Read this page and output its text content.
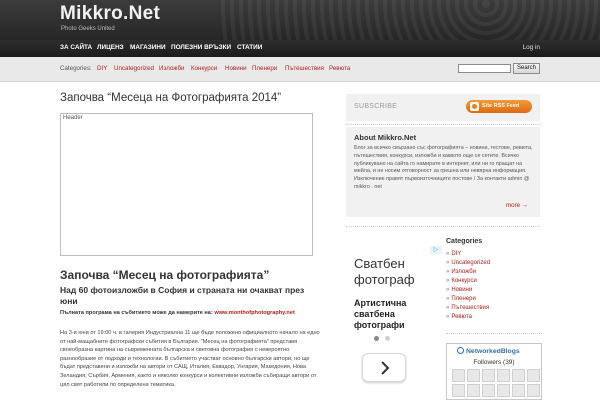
Mikkro.Net
Photo Geeks United
ЗА САЙТА ЛИЦЕНЗ МАГАЗИНИ ПОЛЕЗНИ ВРЪЗКИ СТАТИИ	Log in
Categories: DIY Uncategorized Изложби Конкурси Новини Пленери Пътешествия Ревюта	Search
Започва “Месеца на Фотографията 2014”
Header
Започва “Месец на фотографията”
Над 60 фотоизложби в София и страната ни очакват през юни
Пълната програма на събитието може да намерите на: www.monthofphotography.net
На 3-и юни от 19:00 ч. в галерия Индустриална 11 ще бъде положено официалното начало на едно от най-мащабните фотографски събития в България. "Месец на фотографията" представя своеобразна картина на съвременната българска и световна фотография с невероятно разнообразие от подходи и технологии. В събитието участват основно български автори, но ще бъдат представени и изложби на автори от САЩ, Италия, Еквадор, Унгария, Македония, Нова Зеландия, Сърбия, Армения, както и няколко конкурси и колективни изложби събиращи автори от цял свят работили по определена тематика.
SUBSCRIBE	Site RSS Feed
About Mikkro.Net
Блог за всичко свързано със фотографията – новини, тестове, ревюта, пътешествия, конкурси, изложби и каквото още се сетите. Всичко публикувано на сайта го намирате в интернет, или ни го пращат на мейла, и не носим отговорност за грешна или невярна информация. Изключение правят първоизточниците постове / За контакти admin @ mikkro . net
more →
▷
Сватбен фотограф
Артистична сватбена фотографи
Categories
» DIY
» Uncategorized
» Изложби
» Конкурси
» Новини
» Пленери
» Пътешествия
» Ревюта
NetworkedBlogs
Followers (39)
